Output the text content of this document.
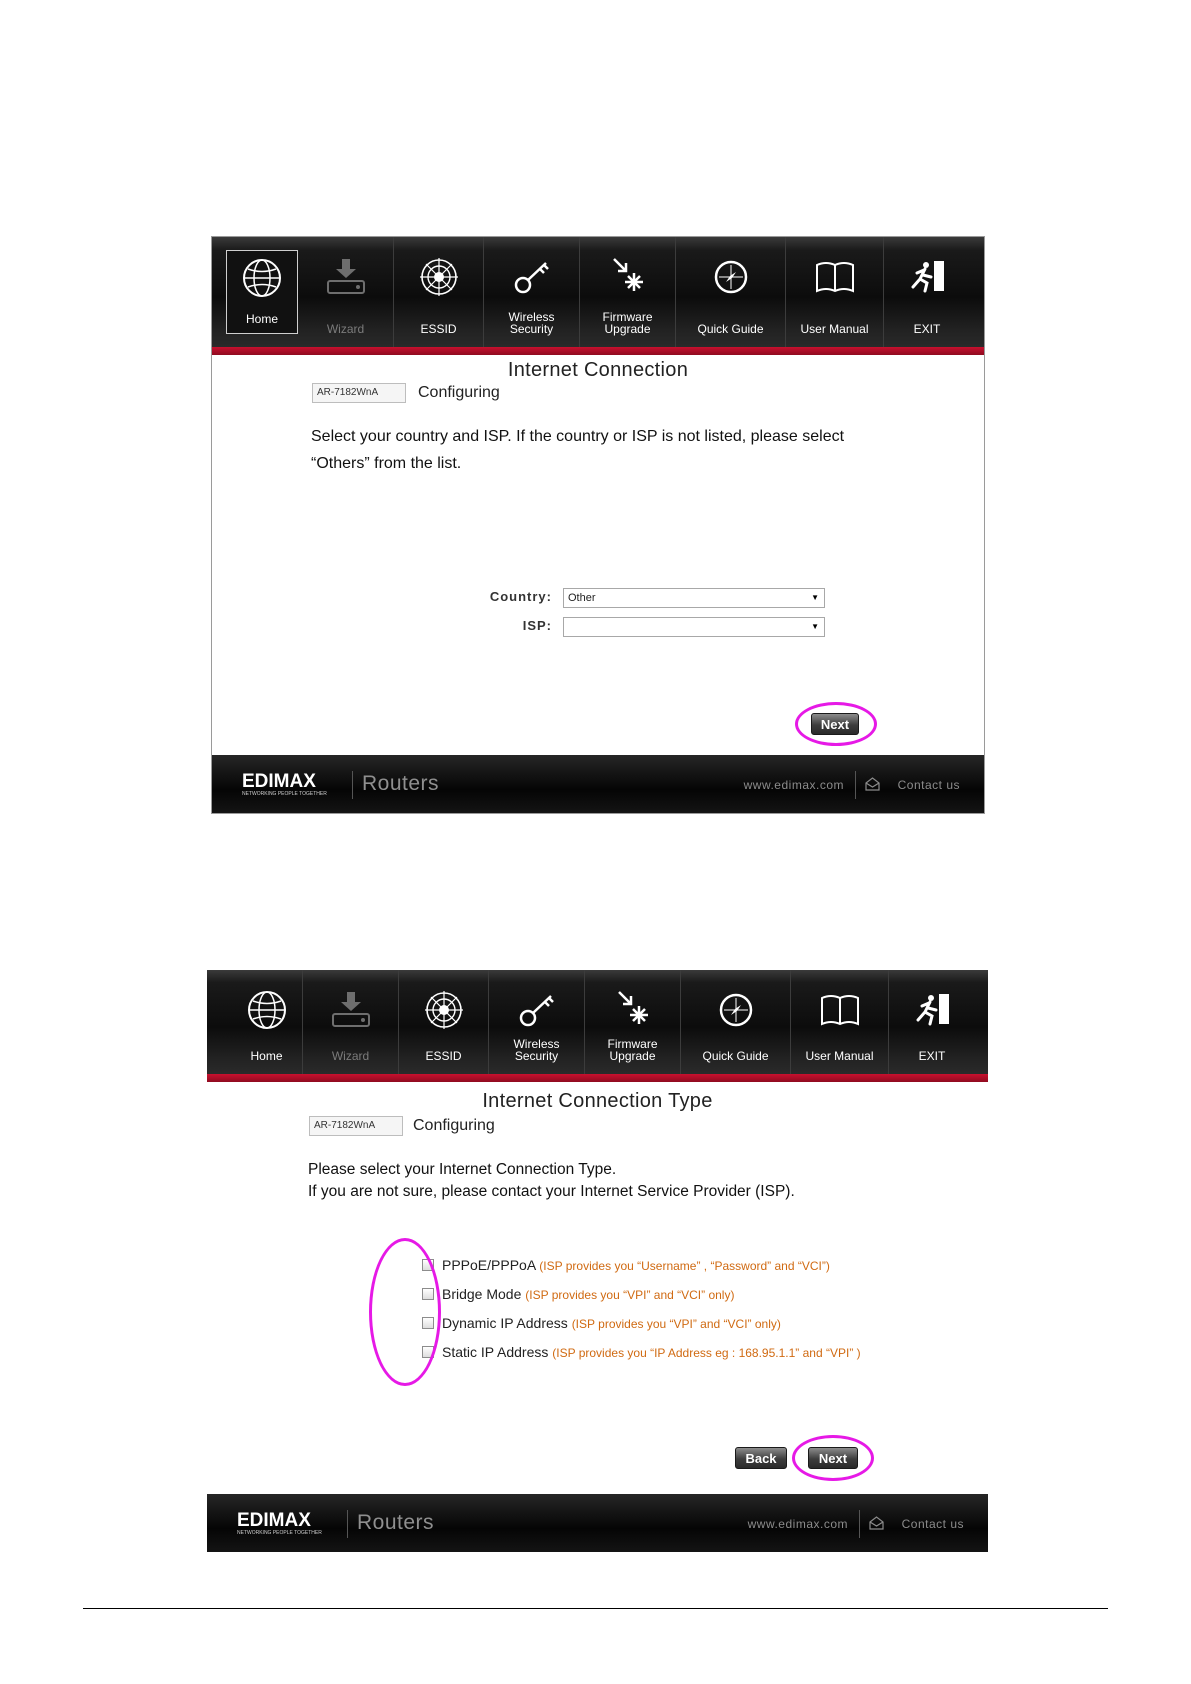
Home
Wizard	ESSID
Wireless
Security
Firmware
Upgrade	Quick Guide	User Manual	EXIT
Internet Connection
AR-7182WnA	Configuring
Select your country and ISP. If the country or ISP is not listed, please select
“Others” from the list.
Country:	Other	▼
ISP:	▼
Next
EDIMAX
NETWORKING PEOPLE TOGETHER Routers	www.edimax.com	Contact us
Home	Wizard	ESSID
Wireless
Security
Firmware
Upgrade	Quick Guide	User Manual	EXIT
Internet Connection Type
AR-7182WnA	Configuring
Please select your Internet Connection Type.
If you are not sure, please contact your Internet Service Provider (ISP).
PPPoE/PPPoA (ISP provides you “Username” , “Password” and “VCI”)
Bridge Mode (ISP provides you “VPI” and “VCI” only)
Dynamic IP Address (ISP provides you “VPI” and “VCI” only)
Static IP Address (ISP provides you “IP Address eg : 168.95.1.1” and “VPI” )
Back	Next
EDIMAX
NETWORKING PEOPLE TOGETHER Routers	www.edimax.com	Contact us
